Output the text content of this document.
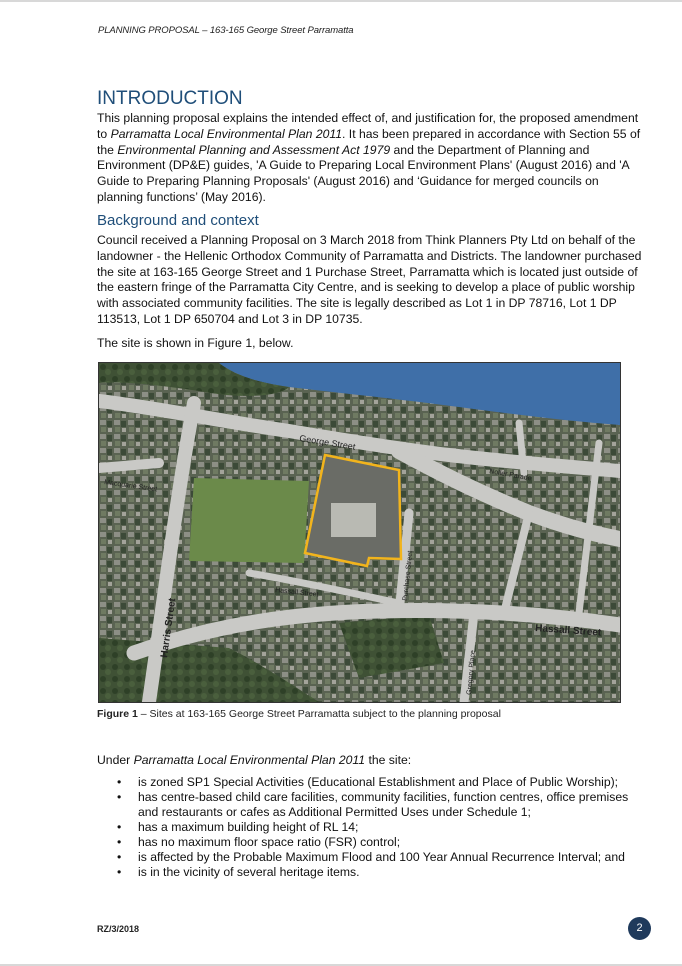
PLANNING PROPOSAL – 163-165 George Street Parramatta
INTRODUCTION

This planning proposal explains the intended effect of, and justification for, the proposed amendment to Parramatta Local Environmental Plan 2011. It has been prepared in accordance with Section 55 of the Environmental Planning and Assessment Act 1979 and the Department of Planning and Environment (DP&E) guides, 'A Guide to Preparing Local Environment Plans' (August 2016) and 'A Guide to Preparing Planning Proposals' (August 2016) and ‘Guidance for merged councils on planning functions’ (May 2016).

Background and context

Council received a Planning Proposal on 3 March 2018 from Think Planners Pty Ltd on behalf of the landowner - the Hellenic Orthodox Community of Parramatta and Districts. The landowner purchased the site at 163-165 George Street and 1 Purchase Street, Parramatta which is located just outside of the eastern fringe of the Parramatta City Centre, and is seeking to develop a place of public worship with associated community facilities. The site is legally described as Lot 1 in DP 78716, Lot 1 DP 113513, Lot 1 DP 650704 and Lot 3 in DP 10735.

The site is shown in Figure 1, below.

George Street
Noller Parade
Macquarie Street
Purchase Street
Hassall Street
Hassall Street
Harris Street
Gregory Place
Figure 1 – Sites at 163-165 George Street Parramatta subject to the planning proposal
Under Parramatta Local Environmental Plan 2011 the site:
• is zoned SP1 Special Activities (Educational Establishment and Place of Public Worship);
• has centre-based child care facilities, community facilities, function centres, office premises and restaurants or cafes as Additional Permitted Uses under Schedule 1;
• has a maximum building height of RL 14;
• has no maximum floor space ratio (FSR) control;
• is affected by the Probable Maximum Flood and 100 Year Annual Recurrence Interval; and
• is in the vicinity of several heritage items.
RZ/3/2018	2
